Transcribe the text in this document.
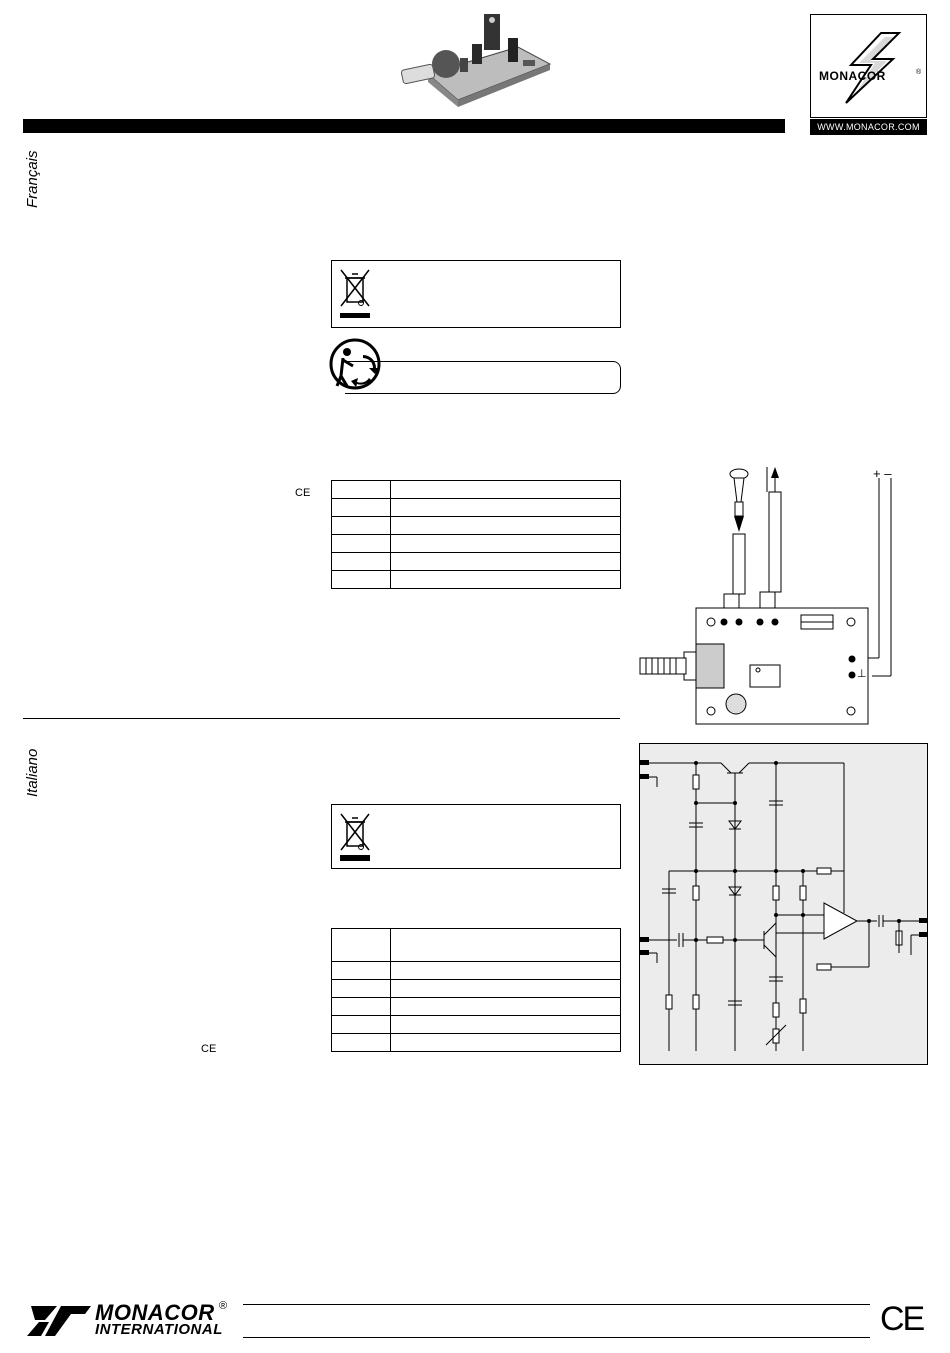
MONACOR	®
WWW.MONACOR.COM
Français
CE

+ –
⊥
Italiano

CE
MONACOR ®
INTERNATIONAL	CE
